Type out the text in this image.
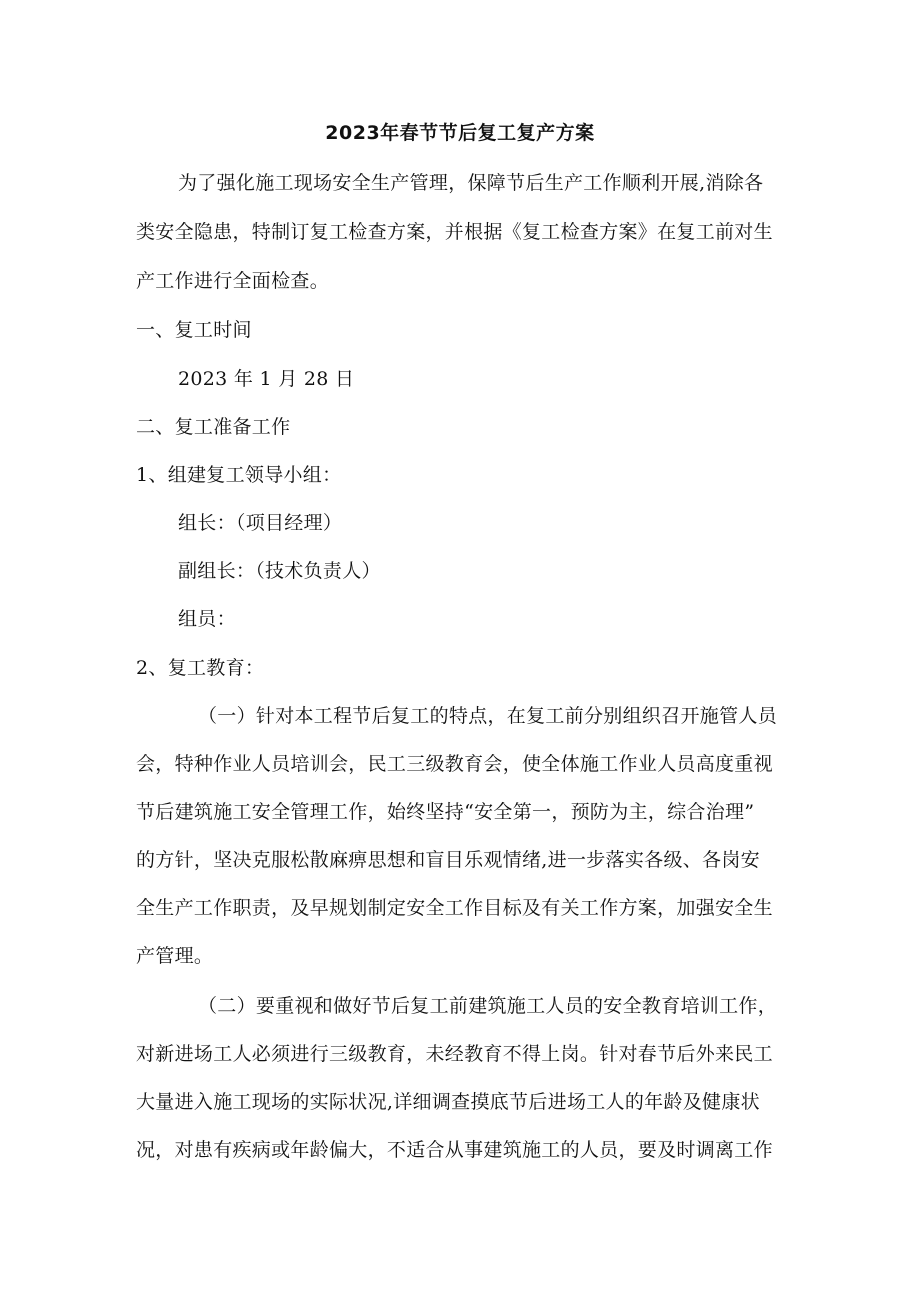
2023年春节节后复工复产方案
为了强化施工现场安全生产管理，保障节后生产工作顺利开展,消除各
类安全隐患，特制订复工检查方案，并根据《复工检查方案》在复工前对生
产工作进行全面检查。
一、复工时间
2023 年 1 月 28 日
二、复工准备工作
1、组建复工领导小组：
组长：（项目经理）
副组长：（技术负责人）
组员：
2、复工教育：
（一）针对本工程节后复工的特点，在复工前分别组织召开施管人员
会，特种作业人员培训会，民工三级教育会，使全体施工作业人员高度重视
节后建筑施工安全管理工作，始终坚持“安全第一，预防为主，综合治理”
的方针，坚决克服松散麻痹思想和盲目乐观情绪,进一步落实各级、各岗安
全生产工作职责，及早规划制定安全工作目标及有关工作方案，加强安全生
产管理。
（二）要重视和做好节后复工前建筑施工人员的安全教育培训工作，
对新进场工人必须进行三级教育，未经教育不得上岗。针对春节后外来民工
大量进入施工现场的实际状况,详细调查摸底节后进场工人的年龄及健康状
况，对患有疾病或年龄偏大，不适合从事建筑施工的人员，要及时调离工作
